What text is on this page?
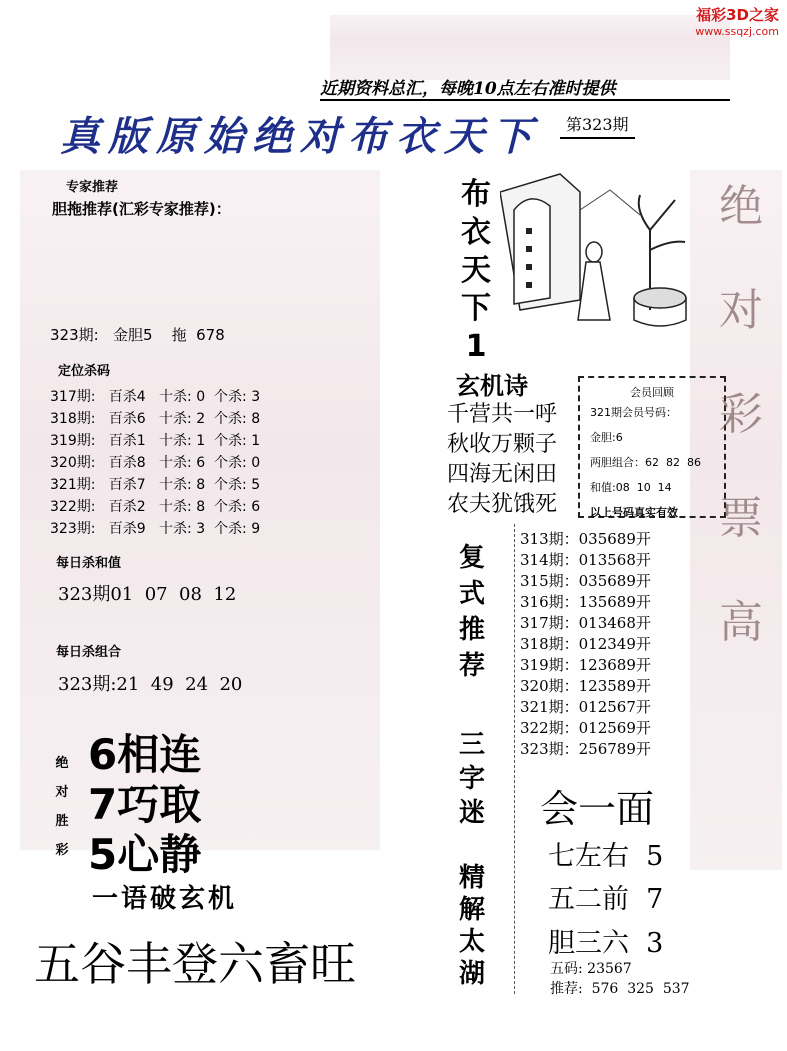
福彩3D之家
www.ssqzj.com
近期资料总汇，每晚10点左右准时提供
真版原始绝对布衣天下	第323期
专家推荐
胆拖推荐(汇彩专家推荐)：
323期:   金胆5    拖  678
定位杀码
317期:   百杀4   十杀: 0  个杀: 3
318期:   百杀6   十杀: 2  个杀: 8
319期:   百杀1   十杀: 1  个杀: 1
320期:   百杀8   十杀: 6  个杀: 0
321期:   百杀7   十杀: 8  个杀: 5
322期:   百杀2   十杀: 8  个杀: 6
323期:   百杀9   十杀: 3  个杀: 9
每日杀和值
323期01  07  08  12
每日杀组合
323期:21  49  24  20
绝
对
胜
彩
6相连
7巧取
5心静
一语破玄机
五谷丰登六畜旺
布
衣
天
下
1
玄机诗
千营共一呼
秋收万颗子
四海无闲田
农夫犹饿死
复
式
推
荐
三
字
迷
精
解
太
湖
会员回顾
321期会员号码：
金胆:6
两胆组合：62  82  86
和值:08  10  14
以上号码真实有效
313期：035689开
314期：013568开
315期：035689开
316期：135689开
317期：013468开
318期：012349开
319期：123689开
320期：123589开
321期：012567开
322期：012569开
323期：256789开
会一面
七左右  5
五二前  7
胆三六  3
五码: 23567
推荐:  576  325  537
绝
对
彩
票
高
